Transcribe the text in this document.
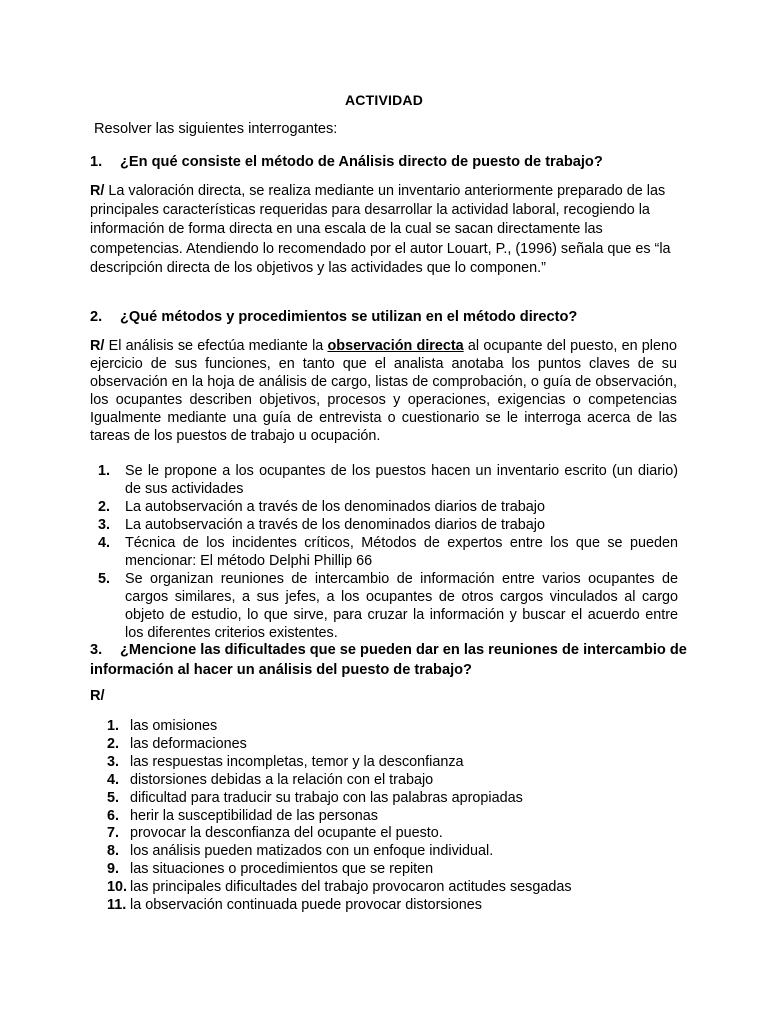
ACTIVIDAD
Resolver las siguientes interrogantes:
1. ¿En qué consiste el método de Análisis directo de puesto de trabajo?
R/ La valoración directa, se realiza mediante un inventario anteriormente preparado de las principales características requeridas para desarrollar la actividad laboral, recogiendo la información de forma directa en una escala de la cual se sacan directamente las competencias. Atendiendo lo recomendado por el autor Louart, P., (1996) señala que es “la descripción directa de los objetivos y las actividades que lo componen.”
2. ¿Qué métodos y procedimientos se utilizan en el método directo?
R/ El análisis se efectúa mediante la observación directa al ocupante del puesto, en pleno ejercicio de sus funciones, en tanto que el analista anotaba los puntos claves de su observación en la hoja de análisis de cargo, listas de comprobación, o guía de observación, los ocupantes describen objetivos, procesos y operaciones, exigencias o competencias Igualmente mediante una guía de entrevista o cuestionario se le interroga acerca de las tareas de los puestos de trabajo u ocupación.
1. Se le propone a los ocupantes de los puestos hacen un inventario escrito (un diario) de sus actividades
2. La autobservación a través de los denominados diarios de trabajo
3. La autobservación a través de los denominados diarios de trabajo
4. Técnica de los incidentes críticos, Métodos de expertos entre los que se pueden mencionar: El método Delphi Phillip 66
5. Se organizan reuniones de intercambio de información entre varios ocupantes de cargos similares, a sus jefes, a los ocupantes de otros cargos vinculados al cargo objeto de estudio, lo que sirve, para cruzar la información y buscar el acuerdo entre los diferentes criterios existentes.
3. ¿Mencione las dificultades que se pueden dar en las reuniones de intercambio de información al hacer un análisis del puesto de trabajo?
R/
1. las omisiones
2. las deformaciones
3. las respuestas incompletas, temor y la desconfianza
4. distorsiones debidas a la relación con el trabajo
5. dificultad para traducir su trabajo con las palabras apropiadas
6. herir la susceptibilidad de las personas
7. provocar la desconfianza del ocupante el puesto.
8. los análisis pueden matizados con un enfoque individual.
9. las situaciones o procedimientos que se repiten
10. las principales dificultades del trabajo provocaron actitudes sesgadas
11. la observación continuada puede provocar distorsiones
